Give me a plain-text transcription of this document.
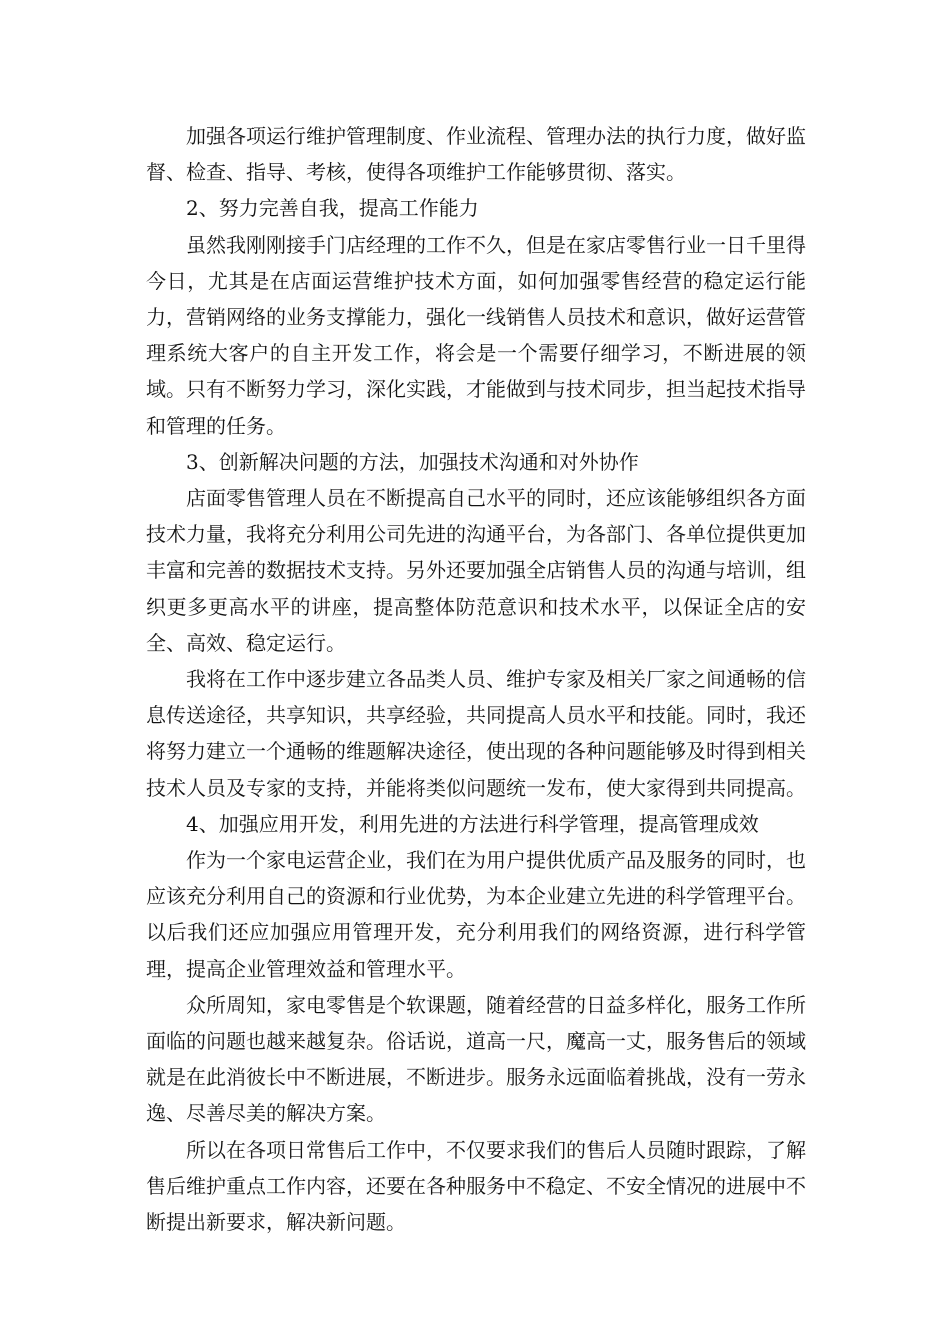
加强各项运行维护管理制度、作业流程、管理办法的执行力度，做好监督、检查、指导、考核，使得各项维护工作能够贯彻、落实。

2、努力完善自我，提高工作能力

虽然我刚刚接手门店经理的工作不久，但是在家店零售行业一日千里得今日，尤其是在店面运营维护技术方面，如何加强零售经营的稳定运行能力，营销网络的业务支撑能力，强化一线销售人员技术和意识，做好运营管理系统大客户的自主开发工作，将会是一个需要仔细学习，不断进展的领域。只有不断努力学习，深化实践，才能做到与技术同步，担当起技术指导和管理的任务。

3、创新解决问题的方法，加强技术沟通和对外协作

店面零售管理人员在不断提高自己水平的同时，还应该能够组织各方面技术力量，我将充分利用公司先进的沟通平台，为各部门、各单位提供更加丰富和完善的数据技术支持。另外还要加强全店销售人员的沟通与培训，组织更多更高水平的讲座，提高整体防范意识和技术水平，以保证全店的安全、高效、稳定运行。

我将在工作中逐步建立各品类人员、维护专家及相关厂家之间通畅的信息传送途径，共享知识，共享经验，共同提高人员水平和技能。同时，我还将努力建立一个通畅的维题解决途径，使出现的各种问题能够及时得到相关技术人员及专家的支持，并能将类似问题统一发布，使大家得到共同提高。

4、加强应用开发，利用先进的方法进行科学管理，提高管理成效

作为一个家电运营企业，我们在为用户提供优质产品及服务的同时，也应该充分利用自己的资源和行业优势，为本企业建立先进的科学管理平台。以后我们还应加强应用管理开发，充分利用我们的网络资源，进行科学管理，提高企业管理效益和管理水平。

众所周知，家电零售是个软课题，随着经营的日益多样化，服务工作所面临的问题也越来越复杂。俗话说，道高一尺，魔高一丈，服务售后的领域就是在此消彼长中不断进展，不断进步。服务永远面临着挑战，没有一劳永逸、尽善尽美的解决方案。

所以在各项日常售后工作中，不仅要求我们的售后人员随时跟踪，了解售后维护重点工作内容，还要在各种服务中不稳定、不安全情况的进展中不断提出新要求，解决新问题。
